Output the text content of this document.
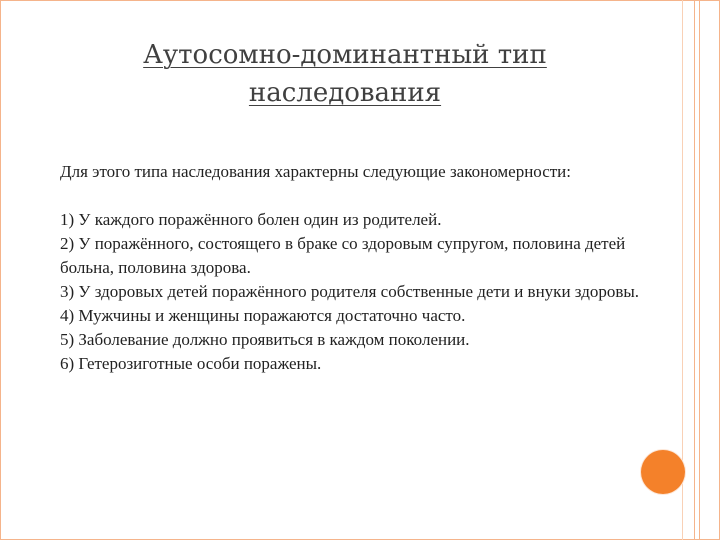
Аутосомно-доминантный тип наследования

Для этого типа наследования характерны следующие закономерности:

1) У каждого поражённого болен один из родителей.

2) У поражённого, состоящего в браке со здоровым супругом, половина детей больна, половина здорова.

3) У здоровых детей поражённого родителя собственные дети и внуки здоровы.

4) Мужчины и женщины поражаются достаточно часто.

5) Заболевание должно проявиться в каждом поколении.

6) Гетерозиготные особи поражены.
